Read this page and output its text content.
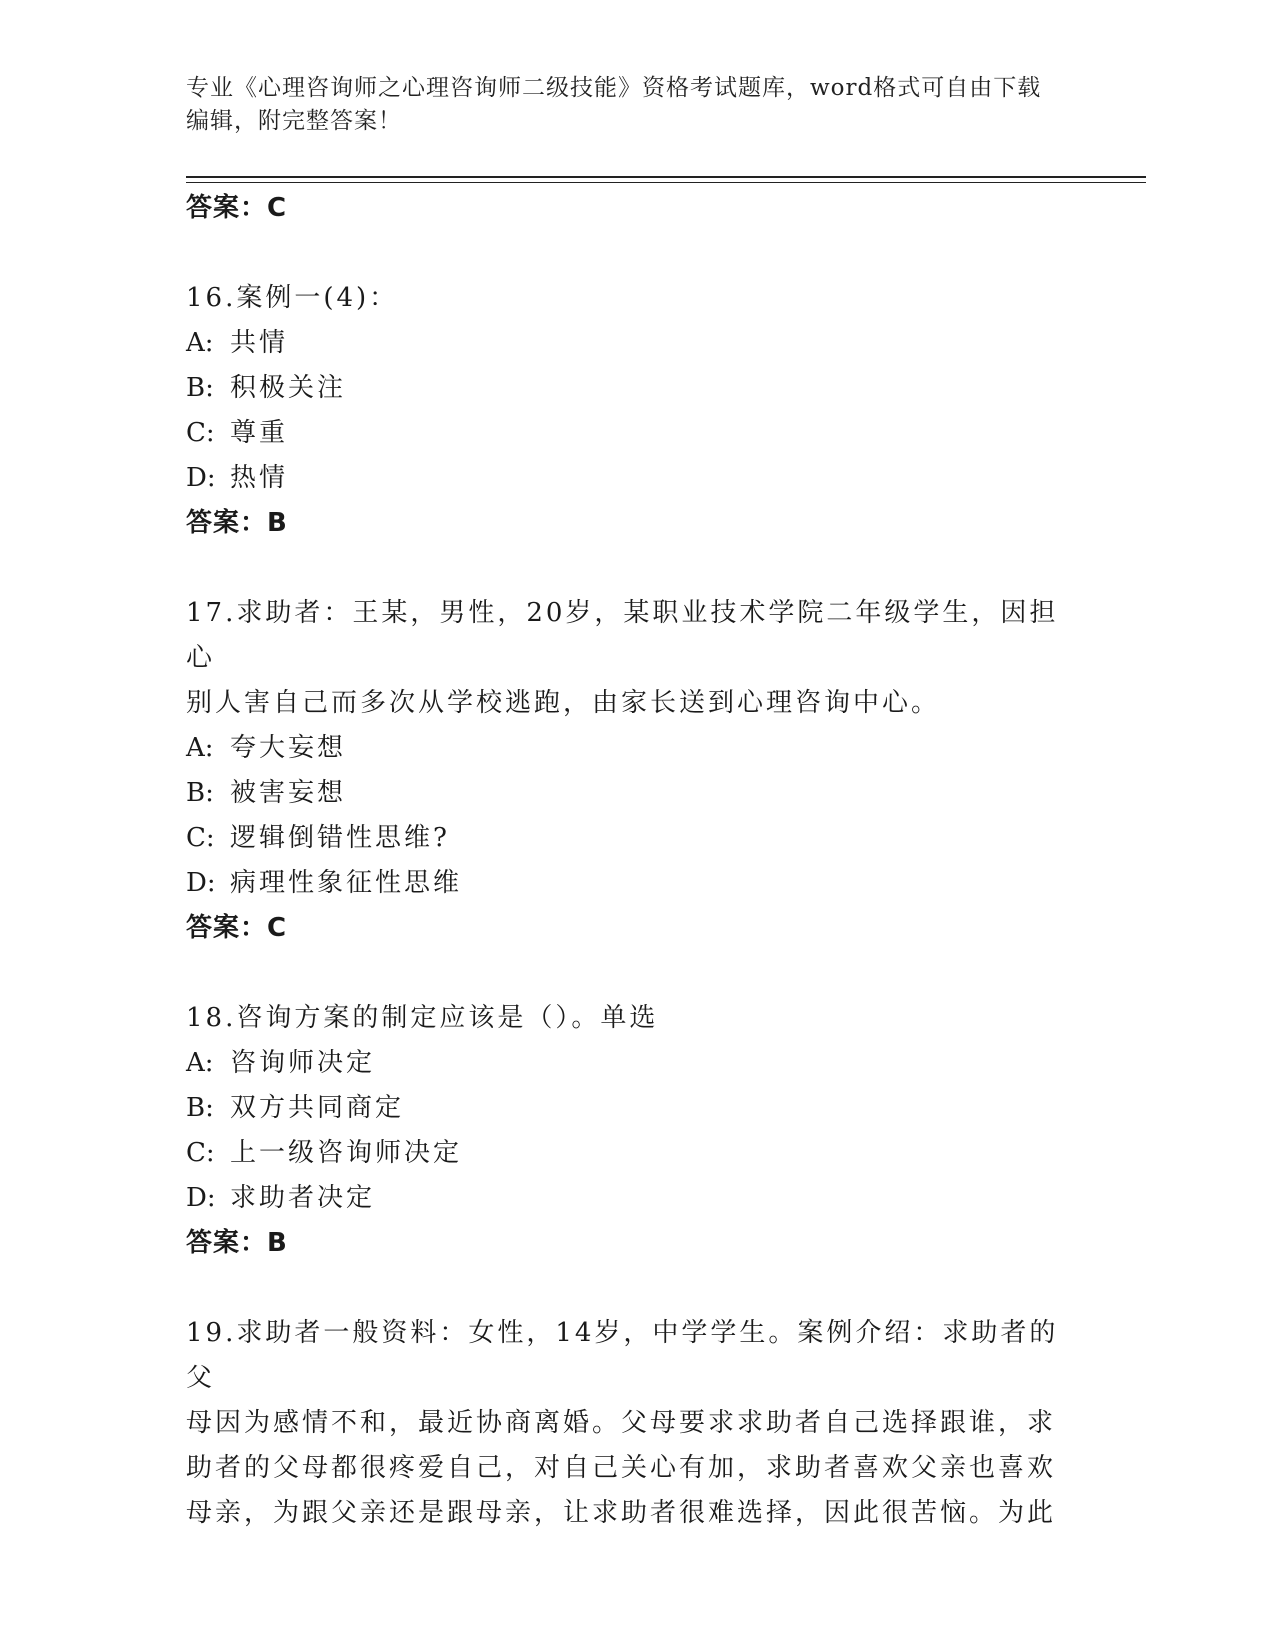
专业《心理咨询师之心理咨询师二级技能》资格考试题库，word格式可自由下载
编辑，附完整答案！
答案：C
16.案例一(4)：
A: 共情
B: 积极关注
C: 尊重
D: 热情
答案：B
17.求助者：王某，男性，20岁，某职业技术学院二年级学生，因担心
别人害自己而多次从学校逃跑，由家长送到心理咨询中心。
A: 夸大妄想
B: 被害妄想
C: 逻辑倒错性思维?
D: 病理性象征性思维
答案：C
18.咨询方案的制定应该是（）。单选
A: 咨询师决定
B: 双方共同商定
C: 上一级咨询师决定
D: 求助者决定
答案：B
19.求助者一般资料：女性，14岁，中学学生。案例介绍：求助者的父
母因为感情不和，最近协商离婚。父母要求求助者自己选择跟谁，求
助者的父母都很疼爱自己，对自己关心有加，求助者喜欢父亲也喜欢
母亲，为跟父亲还是跟母亲，让求助者很难选择，因此很苦恼。为此
